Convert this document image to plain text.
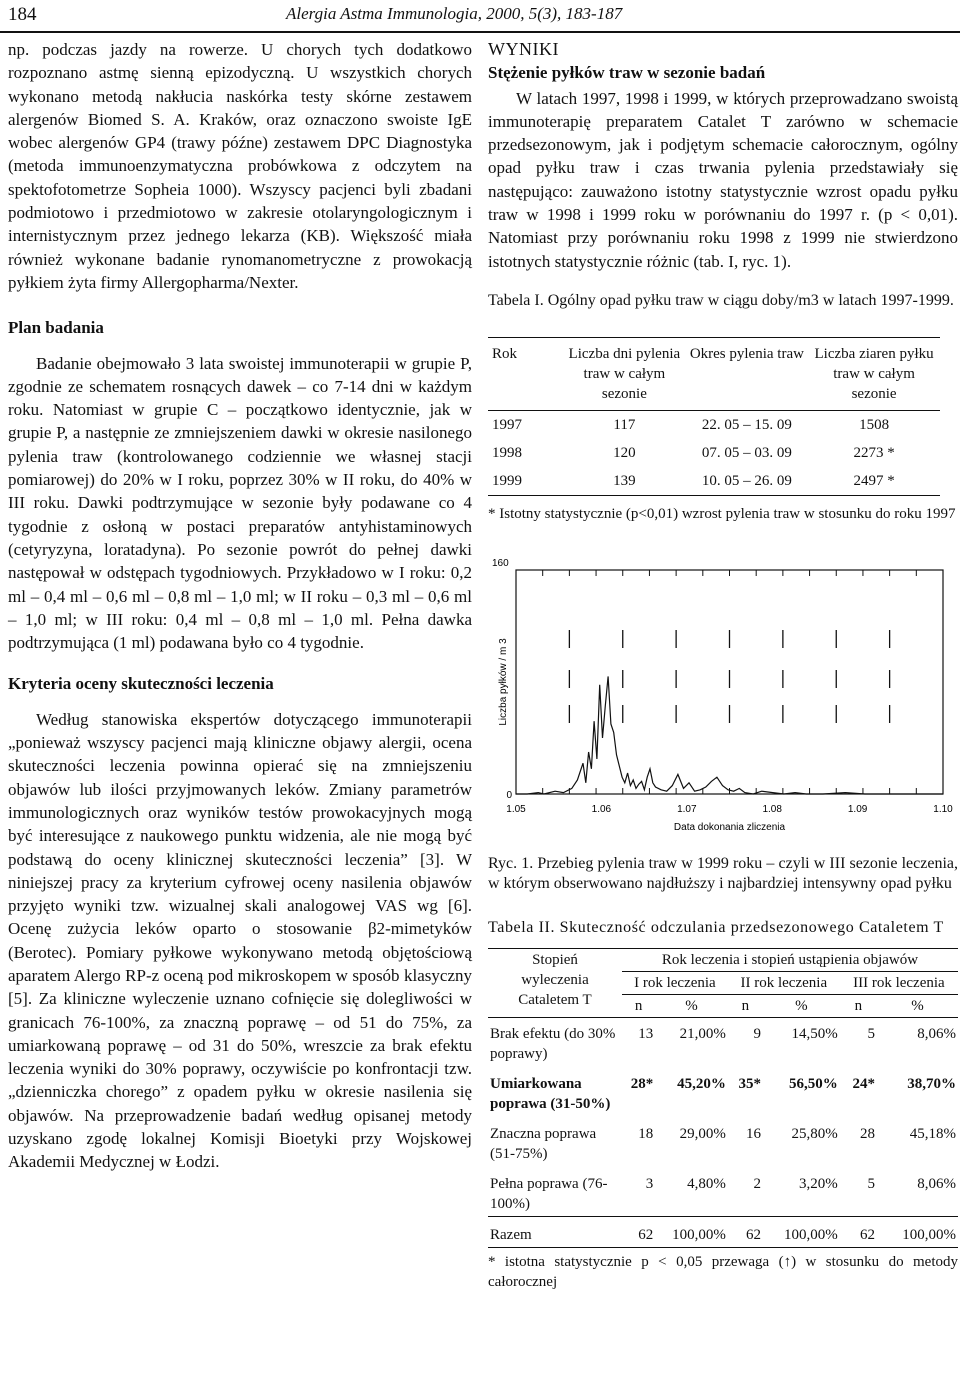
184	Alergia Astma Immunologia, 2000, 5(3), 183-187

np. podczas jazdy na rowerze. U chorych tych dodatkowo rozpoznano astmę sienną epizodyczną. U wszystkich chorych wykonano metodą nakłucia naskórka testy skórne zestawem alergenów Biomed S. A. Kraków, oraz oznaczono swoiste IgE wobec alergenów GP4 (trawy późne) zestawem DPC Diagnostyka (metoda immunoenzymatyczna probówkowa z odczytem na spektofotometrze Sopheia 1000). Wszyscy pacjenci byli zbadani podmiotowo i przedmiotowo w zakresie otolaryngologicznym i internistycznym przez jednego lekarza (KB). Większość miała również wykonane badanie rynomanometryczne z prowokacją pyłkiem żyta firmy Allergopharma/Nexter.

Plan badania

Badanie obejmowało 3 lata swoistej immunoterapii w grupie P, zgodnie ze schematem rosnących dawek – co 7-14 dni w każdym roku. Natomiast w grupie C – początkowo identycznie, jak w grupie P, a następnie ze zmniejszeniem dawki w okresie nasilonego pylenia traw (kontrolowanego codziennie we własnej stacji pomiarowej) do 20% w I roku, poprzez 30% w II roku, do 40% w III roku. Dawki podtrzymujące w sezonie były podawane co 4 tygodnie z osłoną w postaci preparatów antyhistaminowych (cetyryzyna, loratadyna). Po sezonie powrót do pełnej dawki następował w odstępach tygodniowych. Przykładowo w I roku: 0,2 ml – 0,4 ml – 0,6 ml – 0,8 ml – 1,0 ml; w II roku – 0,3 ml – 0,6 ml – 1,0 ml; w III roku: 0,4 ml – 0,8 ml – 1,0 ml. Pełna dawka podtrzymująca (1 ml) podawana było co 4 tygodnie.

Kryteria oceny skuteczności leczenia

Według stanowiska ekspertów dotyczącego immunoterapii „ponieważ wszyscy pacjenci mają kliniczne objawy alergii, ocena skuteczności leczenia powinna opierać się na zmniejszeniu objawów lub ilości przyjmowanych leków. Zmiany parametrów immunologicznych oraz wyników testów prowokacyjnych mogą być interesujące z naukowego punktu widzenia, ale nie mogą być podstawą do oceny klinicznej skuteczności leczenia” [3]. W niniejszej pracy za kryterium cyfrowej oceny nasilenia objawów przyjęto wyniki tzw. wizualnej skali analogowej VAS wg [6]. Ocenę zużycia leków oparto o stosowanie β2-mimetyków (Berotec). Pomiary pyłkowe wykonywano metodą objętościową aparatem Alergo RP-z oceną pod mikroskopem w sposób klasyczny [5]. Za kliniczne wyleczenie uznano cofnięcie się dolegliwości w granicach 76-100%, za znaczną poprawę – od 51 do 75%, za umiarkowaną poprawę – od 31 do 50%, wreszcie za brak efektu leczenia wyniki do 30% poprawy, oczywiście po konfrontacji tzw. „dzienniczka chorego” z opadem pyłku w okresie nasilenia się objawów. Na przeprowadzenie badań według opisanej metody uzyskano zgodę lokalnej Komisji Bioetyki przy Wojskowej Akademii Medycznej w Łodzi.

WYNIKI
Stężenie pyłków traw w sezonie badań

W latach 1997, 1998 i 1999, w których przeprowadzano swoistą immunoterapię preparatem Catalet T zarówno w schemacie przedsezonowym, jak i podjętym schemacie całorocznym, ogólny opad pyłku traw i czas trwania pylenia przedstawiały się następująco: zauważono istotny statystycznie wzrost opadu pyłku traw w 1998 i 1999 roku w porównaniu do 1997 r. (p < 0,01). Natomiast przy porównaniu roku 1998 z 1999 nie stwierdzono istotnych statystycznie różnic (tab. I, ryc. 1).

Tabela I. Ogólny opad pyłku traw w ciągu doby/m3 w latach 1997-1999.

Rok	Liczba dni pylenia traw w całym sezonie	Okres pylenia traw	Liczba ziaren pyłku traw w całym sezonie
1997	117	22. 05 – 15. 09	1508
1998	120	07. 05 – 03. 09	2273 *
1999	139	10. 05 – 26. 09	2497 *

* Istotny statystycznie (p<0,01) wzrost pylenia traw w stosunku do roku 1997

0
160
1.05	1.06	1.07	1.08	1.09	1.10
Data dokonania zliczenia
Liczba pyłków / m 3

Ryc. 1. Przebieg pylenia traw w 1999 roku – czyli w III sezonie leczenia, w którym obserwowano najdłuższy i najbardziej intensywny opad pyłku

Tabela II. Skuteczność odczulania przedsezonowego Cataletem T

Stopień
wyleczenia
Cataletem T	Rok leczenia i stopień ustąpienia objawów					
	I rok leczenia		II rok leczenia		III rok leczenia	
	n	%	n	%	n	%
Brak efektu (do 30% poprawy)	13	21,00%	9	14,50%	5	8,06%
Umiarkowana poprawa (31-50%)	28*	45,20%	35*	56,50%	24*	38,70%
Znaczna poprawa (51-75%)	18	29,00%	16	25,80%	28	45,18%
Pełna poprawa (76-100%)	3	4,80%	2	3,20%	5	8,06%
Razem	62	100,00%	62	100,00%	62	100,00%

* istotna statystycznie p < 0,05 przewaga (↑) w stosunku do metody całorocznej
